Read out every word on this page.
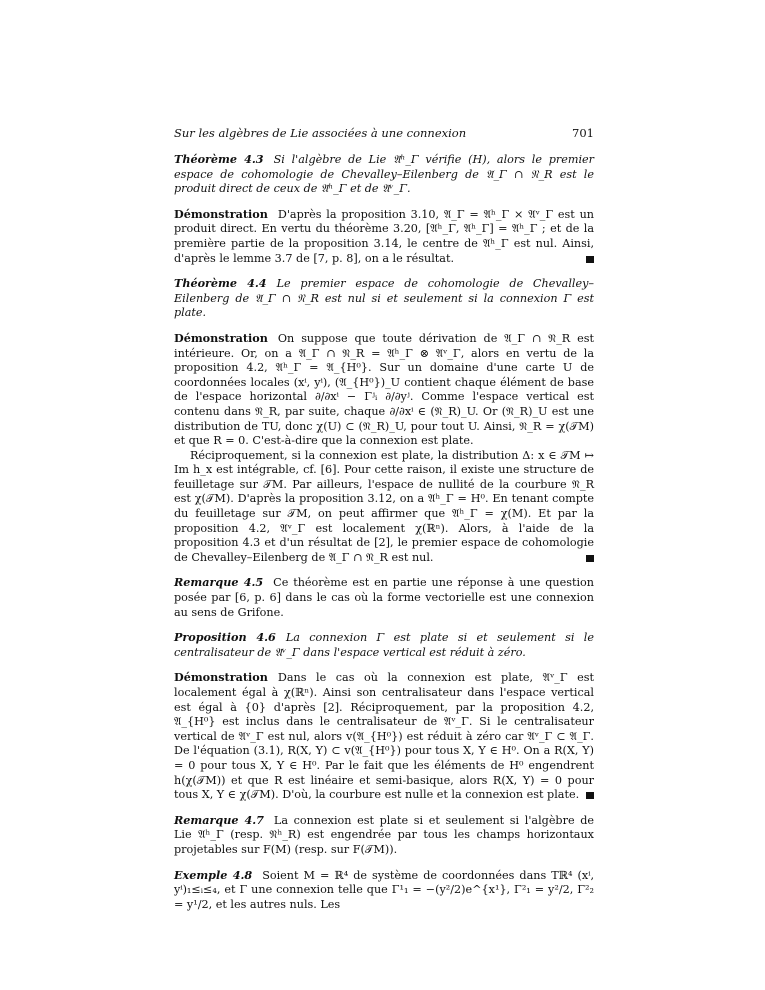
Sur les algèbres de Lie associées à une connexion	701

Théorème 4.3 Si l'algèbre de Lie 𝔄ʰ_Γ vérifie (H), alors le premier espace de cohomologie de Chevalley–Eilenberg de 𝔄_Γ ∩ 𝔑_R est le produit direct de ceux de 𝔄ʰ_Γ et de 𝔄ᵛ_Γ.

Démonstration D'après la proposition 3.10, 𝔄_Γ = 𝔄ʰ_Γ × 𝔄ᵛ_Γ est un produit direct. En vertu du théorème 3.20, [𝔄ʰ_Γ, 𝔄ʰ_Γ] = 𝔄ʰ_Γ ; et de la première partie de la proposition 3.14, le centre de 𝔄ʰ_Γ est nul. Ainsi, d'après le lemme 3.7 de [7, p. 8], on a le résultat.

Théorème 4.4 Le premier espace de cohomologie de Chevalley–Eilenberg de 𝔄_Γ ∩ 𝔑_R est nul si et seulement si la connexion Γ est plate.

Démonstration On suppose que toute dérivation de 𝔄_Γ ∩ 𝔑_R est intérieure. Or, on a 𝔄_Γ ∩ 𝔑_R = 𝔄ʰ_Γ ⊗ 𝔄ᵛ_Γ, alors en vertu de la proposition 4.2, 𝔄ʰ_Γ = 𝔄_{H⁰}. Sur un domaine d'une carte U de coordonnées locales (xⁱ, yⁱ), (𝔄_{H⁰})_U contient chaque élément de base de l'espace horizontal ∂/∂xⁱ − Γʲᵢ ∂/∂yʲ. Comme l'espace vertical est contenu dans 𝔑_R, par suite, chaque ∂/∂xⁱ ∈ (𝔑_R)_U. Or (𝔑_R)_U est une distribution de TU, donc χ(U) ⊂ (𝔑_R)_U, pour tout U. Ainsi, 𝔑_R = χ(𝒯M) et que R = 0. C'est-à-dire que la connexion est plate.

Réciproquement, si la connexion est plate, la distribution Δ: x ∈ 𝒯M ↦ Im h_x est intégrable, cf. [6]. Pour cette raison, il existe une structure de feuilletage sur 𝒯M. Par ailleurs, l'espace de nullité de la courbure 𝔑_R est χ(𝒯M). D'après la proposition 3.12, on a 𝔄ʰ_Γ = H⁰. En tenant compte du feuilletage sur 𝒯M, on peut affirmer que 𝔄ʰ_Γ = χ(M). Et par la proposition 4.2, 𝔄ᵛ_Γ est localement χ(ℝⁿ). Alors, à l'aide de la proposition 4.3 et d'un résultat de [2], le premier espace de cohomologie de Chevalley–Eilenberg de 𝔄_Γ ∩ 𝔑_R est nul.

Remarque 4.5 Ce théorème est en partie une réponse à une question posée par [6, p. 6] dans le cas où la forme vectorielle est une connexion au sens de Grifone.

Proposition 4.6 La connexion Γ est plate si et seulement si le centralisateur de 𝔄ᵛ_Γ dans l'espace vertical est réduit à zéro.

Démonstration Dans le cas où la connexion est plate, 𝔄ᵛ_Γ est localement égal à χ(ℝⁿ). Ainsi son centralisateur dans l'espace vertical est égal à {0} d'après [2]. Réciproquement, par la proposition 4.2, 𝔄_{H⁰} est inclus dans le centralisateur de 𝔄ᵛ_Γ. Si le centralisateur vertical de 𝔄ᵛ_Γ est nul, alors v(𝔄_{H⁰}) est réduit à zéro car 𝔄ᵛ_Γ ⊂ 𝔄_Γ. De l'équation (3.1), R(X, Y) ⊂ v(𝔄_{H⁰}) pour tous X, Y ∈ H⁰. On a R(X, Y) = 0 pour tous X, Y ∈ H⁰. Par le fait que les éléments de H⁰ engendrent h(χ(𝒯M)) et que R est linéaire et semi-basique, alors R(X, Y) = 0 pour tous X, Y ∈ χ(𝒯M). D'où, la courbure est nulle et la connexion est plate.

Remarque 4.7 La connexion est plate si et seulement si l'algèbre de Lie 𝔄ʰ_Γ (resp. 𝔑ʰ_R) est engendrée par tous les champs horizontaux projetables sur F(M) (resp. sur F(𝒯M)).

Exemple 4.8 Soient M = ℝ⁴ de système de coordonnées dans Tℝ⁴ (xⁱ, yⁱ)₁≤ᵢ≤₄, et Γ une connexion telle que Γ¹₁ = −(y²/2)e^{x¹}, Γ²₁ = y²/2, Γ²₂ = y¹/2, et les autres nuls. Les
